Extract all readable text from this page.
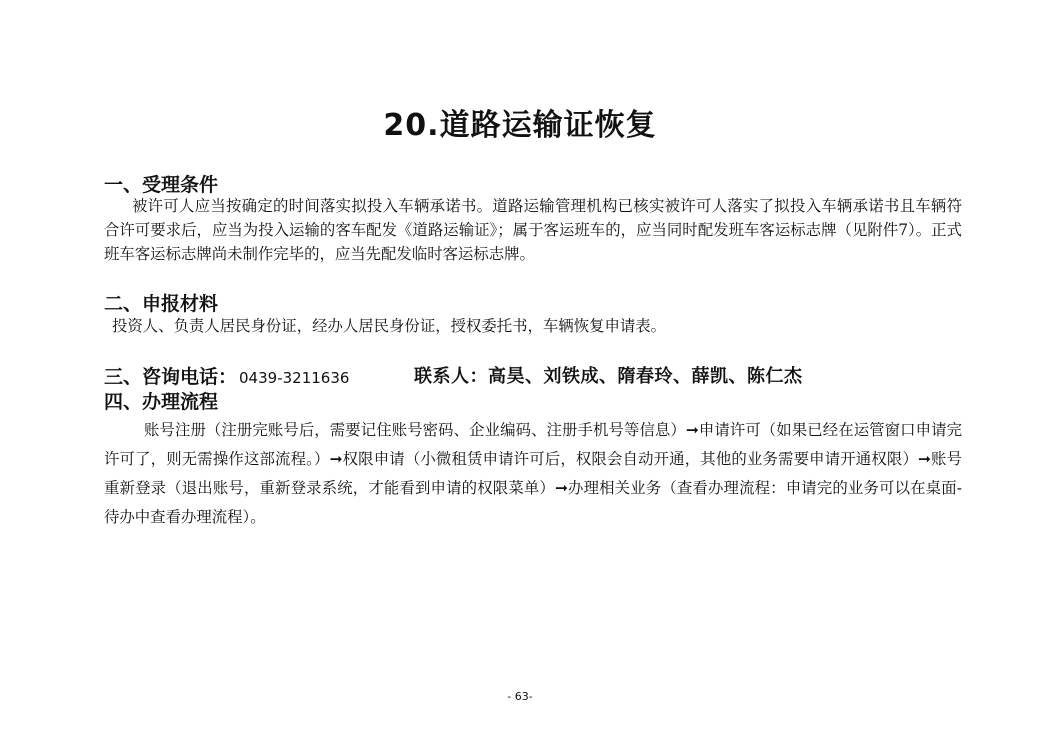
20.道路运输证恢复
一、受理条件
被许可人应当按确定的时间落实拟投入车辆承诺书。道路运输管理机构已核实被许可人落实了拟投入车辆承诺书且车辆符合许可要求后，应当为投入运输的客车配发《道路运输证》；属于客运班车的，应当同时配发班车客运标志牌（见附件7）。正式班车客运标志牌尚未制作完毕的，应当先配发临时客运标志牌。
二、申报材料
投资人、负责人居民身份证，经办人居民身份证，授权委托书，车辆恢复申请表。
三、咨询电话： 0439-3211636	联系人：高昊、刘铁成、隋春玲、薛凯、陈仁杰
四、办理流程
账号注册（注册完账号后，需要记住账号密码、企业编码、注册手机号等信息）➞申请许可（如果已经在运管窗口申请完许可了，则无需操作这部流程。）➞权限申请（小微租赁申请许可后，权限会自动开通，其他的业务需要申请开通权限）➞账号重新登录（退出账号，重新登录系统，才能看到申请的权限菜单）➞办理相关业务（查看办理流程：申请完的业务可以在桌面-待办中查看办理流程）。
- 63-
